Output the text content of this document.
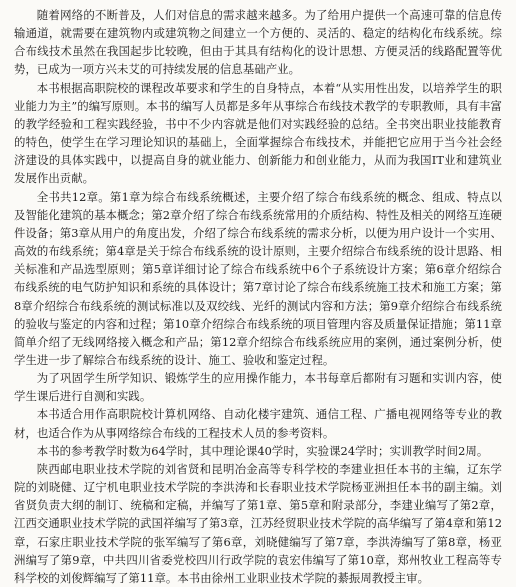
随着网络的不断普及，人们对信息的需求越来越多。为了给用户提供一个高速可靠的信息传输通道，就需要在建筑物内或建筑物之间建立一个方便的、灵活的、稳定的结构化布线系统。综合布线技术虽然在我国起步比较晚，但由于其具有结构化的设计思想、方便灵活的线路配置等优势，已成为一项方兴未艾的可持续发展的信息基础产业。

本书根据高职院校的课程改革要求和学生的自身特点，本着“从实用性出发，以培养学生的职业能力为主”的编写原则。本书的编写人员都是多年从事综合布线技术教学的专职教师，具有丰富的教学经验和工程实践经验，书中不少内容就是他们对实践经验的总结。全书突出职业技能教育的特色，使学生在学习理论知识的基础上，全面掌握综合布线技术，并能把它应用于当今社会经济建设的具体实践中，以提高自身的就业能力、创新能力和创业能力，从而为我国IT业和建筑业发展作出贡献。

全书共12章。第1章为综合布线系统概述，主要介绍了综合布线系统的概念、组成、特点以及智能化建筑的基本概念；第2章介绍了综合布线系统常用的介质结构、特性及相关的网络互连硬件设备；第3章从用户的角度出发，介绍了综合布线系统的需求分析，以便为用户设计一个实用、高效的布线系统；第4章是关于综合布线系统的设计原则，主要介绍综合布线系统的设计思路、相关标准和产品选型原则；第5章详细讨论了综合布线系统中6个子系统设计方案；第6章介绍综合布线系统的电气防护知识和系统的具体设计；第7章讨论了综合布线系统施工技术和施工方案；第8章介绍综合布线系统的测试标准以及双绞线、光纤的测试内容和方法；第9章介绍综合布线系统的验收与鉴定的内容和过程；第10章介绍综合布线系统的项目管理内容及质量保证措施；第11章简单介绍了无线网络接入概念和产品；第12章介绍综合布线系统应用的案例，通过案例分析，使学生进一步了解综合布线系统的设计、施工、验收和鉴定过程。

为了巩固学生所学知识、锻炼学生的应用操作能力，本书每章后都附有习题和实训内容，使学生课后进行自测和实践。

本书适合用作高职院校计算机网络、自动化楼宇建筑、通信工程、广播电视网络等专业的教材，也适合作为从事网络综合布线的工程技术人员的参考资料。

本书的参考教学时数为64学时，其中理论课40学时，实验课24学时；实训教学时间2周。

陕西邮电职业技术学院的刘省贤和昆明冶金高等专科学校的李建业担任本书的主编，辽东学院的刘晓健、辽宁机电职业技术学院的李洪涛和长春职业技术学院杨亚洲担任本书的副主编。刘省贤负责大纲的制订、统稿和定稿，并编写了第1章、第5章和附录部分，李建业编写了第2章，江西交通职业技术学院的武国祥编写了第3章，江苏经贸职业技术学院的高华编写了第4章和第12章，石家庄职业技术学院的张军编写了第6章，刘晓健编写了第7章，李洪涛编写了第8章，杨亚洲编写了第9章，中共四川省委党校四川行政学院的袁宏伟编写了第10章，郑州牧业工程高等专科学校的刘俊辉编写了第11章。本书由徐州工业职业技术学院的綦振周教授主审。
